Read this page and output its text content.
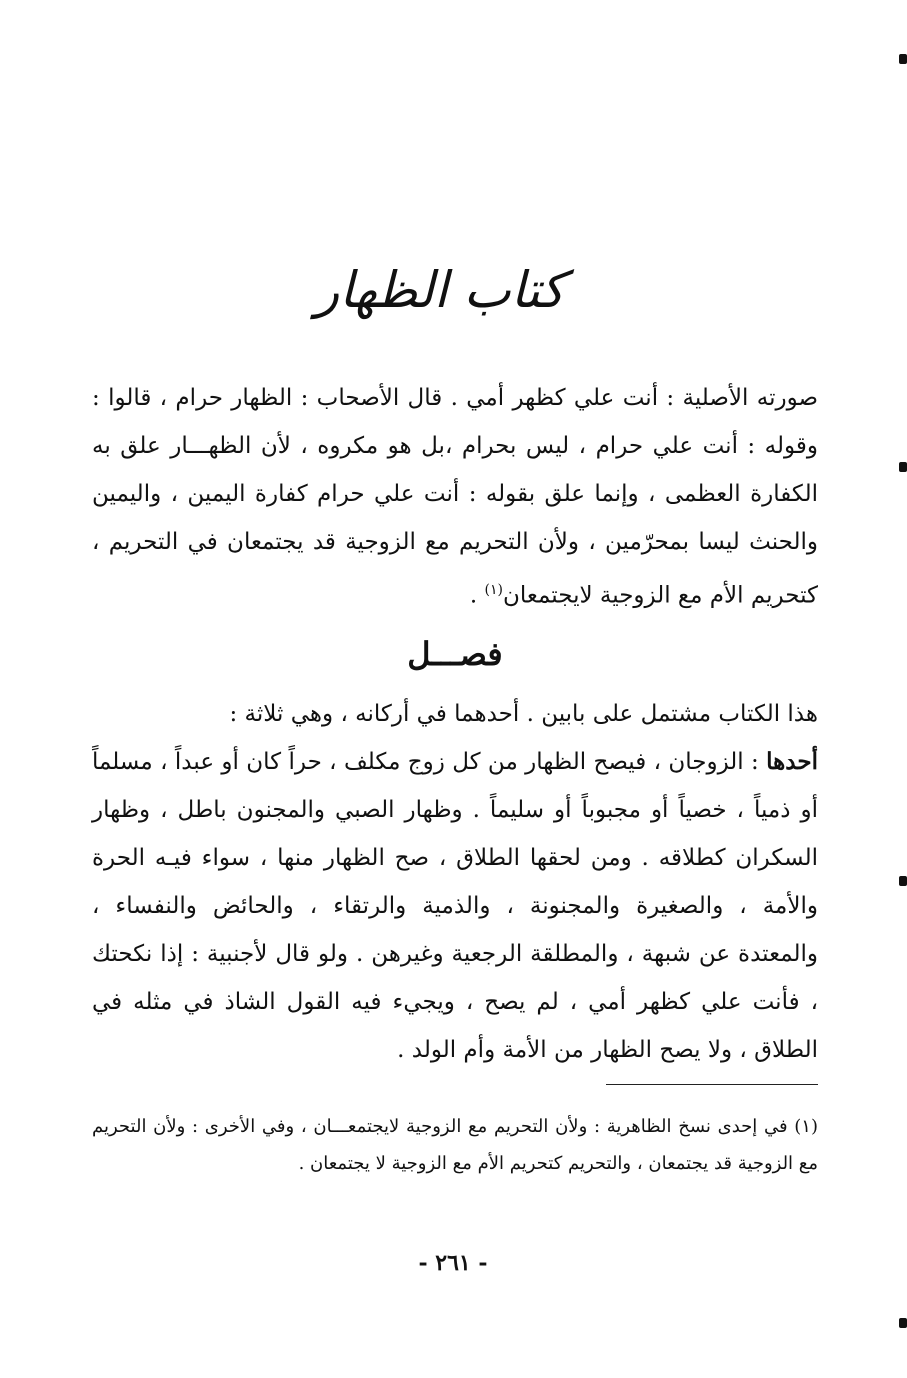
كتاب الظهار

صورته الأصلية : أنت علي كظهر أمي . قال الأصحاب : الظهار حرام ، قالوا : وقوله : أنت علي حرام ، ليس بحرام ،بل هو مكروه ، لأن الظهـــار علق به الكفارة العظمى ، وإنما علق بقوله : أنت علي حرام كفارة اليمين ، واليمين والحنث ليسا بمحرّمين ، ولأن التحريم مع الزوجية قد يجتمعان في التحريم ، كتحريم الأم مع الزوجية لايجتمعان$^{(١)}$ .

فصـــل

هذا الكتاب مشتمل على بابين . أحدهما في أركانه ، وهي ثلاثة :

أحدها : الزوجان ، فيصح الظهار من كل زوج مكلف ، حراً كان أو عبداً ، مسلماً أو ذمياً ، خصياً أو مجبوباً أو سليماً . وظهار الصبي والمجنون باطل ، وظهار السكران كطلاقه . ومن لحقها الطلاق ، صح الظهار منها ، سواء فيـه الحرة والأمة ، والصغيرة والمجنونة ، والذمية والرتقاء ، والحائض والنفساء ، والمعتدة عن شبهة ، والمطلقة الرجعية وغيرهن . ولو قال لأجنبية : إذا نكحتك ، فأنت علي كظهر أمي ، لم يصح ، ويجيء فيه القول الشاذ في مثله في الطلاق ، ولا يصح الظهار من الأمة وأم الولد .

(١) في إحدى نسخ الظاهرية : ولأن التحريم مع الزوجية لايجتمعـــان ، وفي الأخرى : ولأن التحريم مع الزوجية قد يجتمعان ، والتحريم كتحريم الأم مع الزوجية لا يجتمعان .
- ٢٦١ -
